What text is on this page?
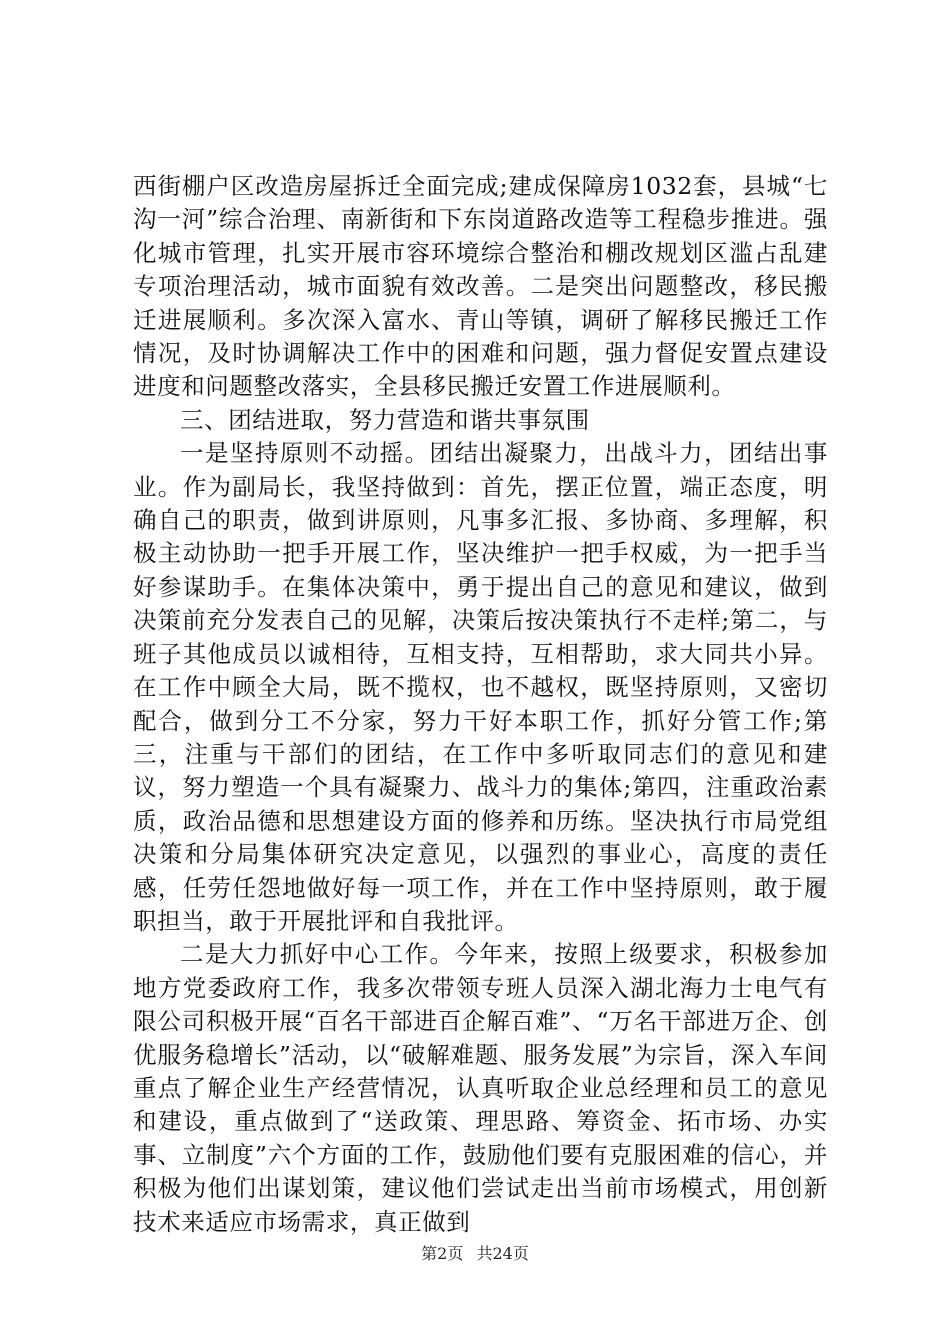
西街棚户区改造房屋拆迁全面完成;建成保障房1032套，县城“七沟一河”综合治理、南新街和下东岗道路改造等工程稳步推进。强化城市管理，扎实开展市容环境综合整治和棚改规划区滥占乱建专项治理活动，城市面貌有效改善。二是突出问题整改，移民搬迁进展顺利。多次深入富水、青山等镇，调研了解移民搬迁工作情况，及时协调解决工作中的困难和问题，强力督促安置点建设进度和问题整改落实，全县移民搬迁安置工作进展顺利。

三、团结进取，努力营造和谐共事氛围

一是坚持原则不动摇。团结出凝聚力，出战斗力，团结出事业。作为副局长，我坚持做到：首先，摆正位置，端正态度，明确自己的职责，做到讲原则，凡事多汇报、多协商、多理解，积极主动协助一把手开展工作，坚决维护一把手权威，为一把手当好参谋助手。在集体决策中，勇于提出自己的意见和建议，做到决策前充分发表自己的见解，决策后按决策执行不走样;第二，与班子其他成员以诚相待，互相支持，互相帮助，求大同共小异。在工作中顾全大局，既不揽权，也不越权，既坚持原则，又密切配合，做到分工不分家，努力干好本职工作，抓好分管工作;第三，注重与干部们的团结，在工作中多听取同志们的意见和建议，努力塑造一个具有凝聚力、战斗力的集体;第四，注重政治素质，政治品德和思想建设方面的修养和历练。坚决执行市局党组决策和分局集体研究决定意见，以强烈的事业心，高度的责任感，任劳任怨地做好每一项工作，并在工作中坚持原则，敢于履职担当，敢于开展批评和自我批评。

二是大力抓好中心工作。今年来，按照上级要求，积极参加地方党委政府工作，我多次带领专班人员深入湖北海力士电气有限公司积极开展“百名干部进百企解百难”、“万名干部进万企、创优服务稳增长”活动，以“破解难题、服务发展”为宗旨，深入车间重点了解企业生产经营情况，认真听取企业总经理和员工的意见和建设，重点做到了“送政策、理思路、筹资金、拓市场、办实事、立制度”六个方面的工作，鼓励他们要有克服困难的信心，并积极为他们出谋划策，建议他们尝试走出当前市场模式，用创新技术来适应市场需求，真正做到

第2页 共24页
